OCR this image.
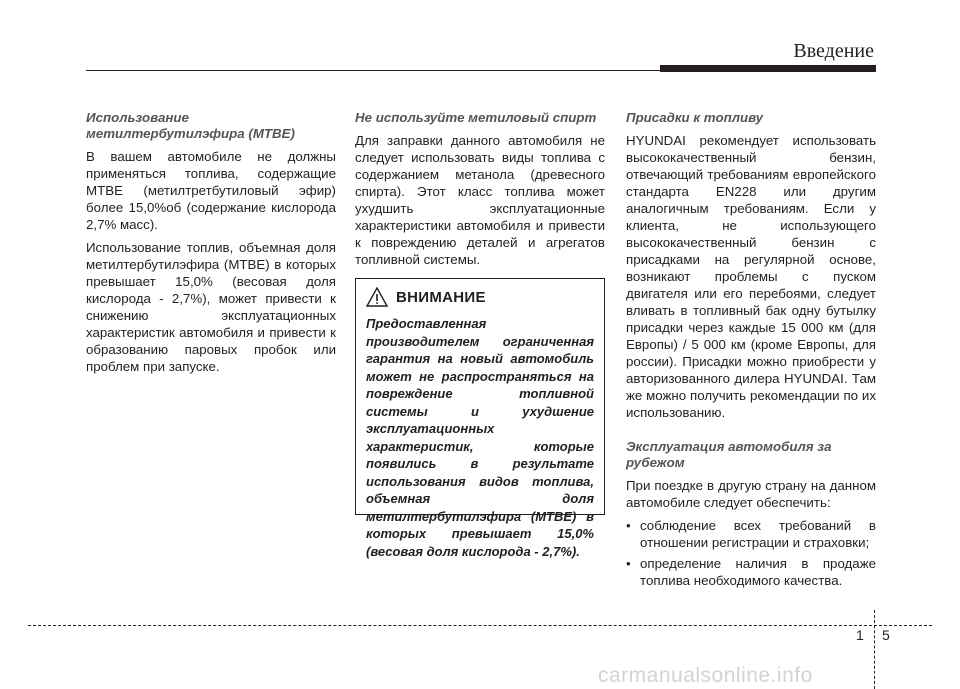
Введение
Использование метилтербутилэфира (MTBE)

В вашем автомобиле не должны применяться топлива, содержащие MTBE (метилтретбутиловый эфир) более 15,0%об (содержание кислорода 2,7% масс).

Использование топлив, объемная доля метилтербутилэфира (MTBE) в которых превышает 15,0% (весовая доля кислорода - 2,7%), может привести к снижению эксплуатационных характеристик автомобиля и привести к образованию паровых пробок или проблем при запуске.

Не используйте метиловый спирт

Для заправки данного автомобиля не следует использовать виды топлива с содержанием метанола (древесного спирта). Этот класс топлива может ухудшить эксплуатационные характеристики автомобиля и привести к повреждению деталей и агрегатов топливной системы.

ВНИМАНИЕ

Предоставленная производителем ограниченная гарантия на новый автомобиль может не распространяться на повреждение топливной системы и ухудшение эксплуатационных характеристик, которые появились в результате использования видов топлива, объемная доля метилтербутилэфира (MTBE) в которых превышает 15,0% (весовая доля кислорода - 2,7%).

Присадки к топливу

HYUNDAI рекомендует использовать высококачественный бензин, отвечающий требованиям европейского стандарта EN228 или другим аналогичным требованиям. Если у клиента, не использующего высококачественный бензин с присадками на регулярной основе, возникают проблемы с пуском двигателя или его перебоями, следует вливать в топливный бак одну бутылку присадки через каждые 15 000 км (для Европы) / 5 000 км (кроме Европы, для россии). Присадки можно приобрести у авторизованного дилера HYUNDAI. Там же можно получить рекомендации по их использованию.

Эксплуатация автомобиля за рубежом

При поездке в другую страну на данном автомобиле следует обеспечить:

• соблюдение всех требований в отношении регистрации и страховки;
• определение наличия в продаже топлива необходимого качества.
1 5
carmanualsonline.info
